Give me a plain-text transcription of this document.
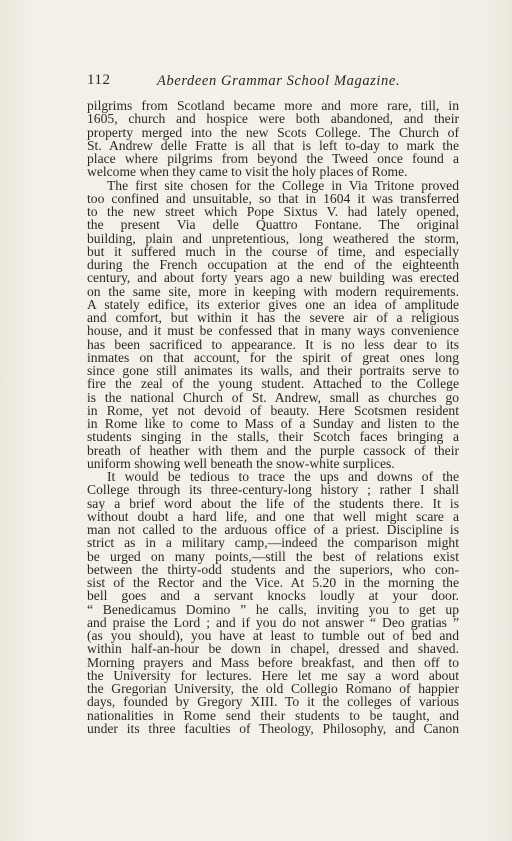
112	Aberdeen Grammar School Magazine.
pilgrims from Scotland became more and more rare, till, in
1605, church and hospice were both abandoned, and their
property merged into the new Scots College. The Church of
St. Andrew delle Fratte is all that is left to-day to mark the
place where pilgrims from beyond the Tweed once found a
welcome when they came to visit the holy places of Rome.
The first site chosen for the College in Via Tritone proved
too confined and unsuitable, so that in 1604 it was transferred
to the new street which Pope Sixtus V. had lately opened,
the present Via delle Quattro Fontane. The original
building, plain and unpretentious, long weathered the storm,
but it suffered much in the course of time, and especially
during the French occupation at the end of the eighteenth
century, and about forty years ago a new building was erected
on the same site, more in keeping with modern requirements.
A stately edifice, its exterior gives one an idea of amplitude
and comfort, but within it has the severe air of a religious
house, and it must be confessed that in many ways convenience
has been sacrificed to appearance. It is no less dear to its
inmates on that account, for the spirit of great ones long
since gone still animates its walls, and their portraits serve to
fire the zeal of the young student. Attached to the College
is the national Church of St. Andrew, small as churches go
in Rome, yet not devoid of beauty. Here Scotsmen resident
in Rome like to come to Mass of a Sunday and listen to the
students singing in the stalls, their Scotch faces bringing a
breath of heather with them and the purple cassock of their
uniform showing well beneath the snow-white surplices.
It would be tedious to trace the ups and downs of the
College through its three-century-long history ; rather I shall
say a brief word about the life of the students there. It is
without doubt a hard life, and one that well might scare a
man not called to the arduous office of a priest. Discipline is
strict as in a military camp,—indeed the comparison might
be urged on many points,—still the best of relations exist
between the thirty-odd students and the superiors, who con-
sist of the Rector and the Vice. At 5.20 in the morning the
bell goes and a servant knocks loudly at your door.
“ Benedicamus Domino ” he calls, inviting you to get up
and praise the Lord ; and if you do not answer “ Deo gratias ”
(as you should), you have at least to tumble out of bed and
within half-an-hour be down in chapel, dressed and shaved.
Morning prayers and Mass before breakfast, and then off to
the University for lectures. Here let me say a word about
the Gregorian University, the old Collegio Romano of happier
days, founded by Gregory XIII. To it the colleges of various
nationalities in Rome send their students to be taught, and
under its three faculties of Theology, Philosophy, and Canon
